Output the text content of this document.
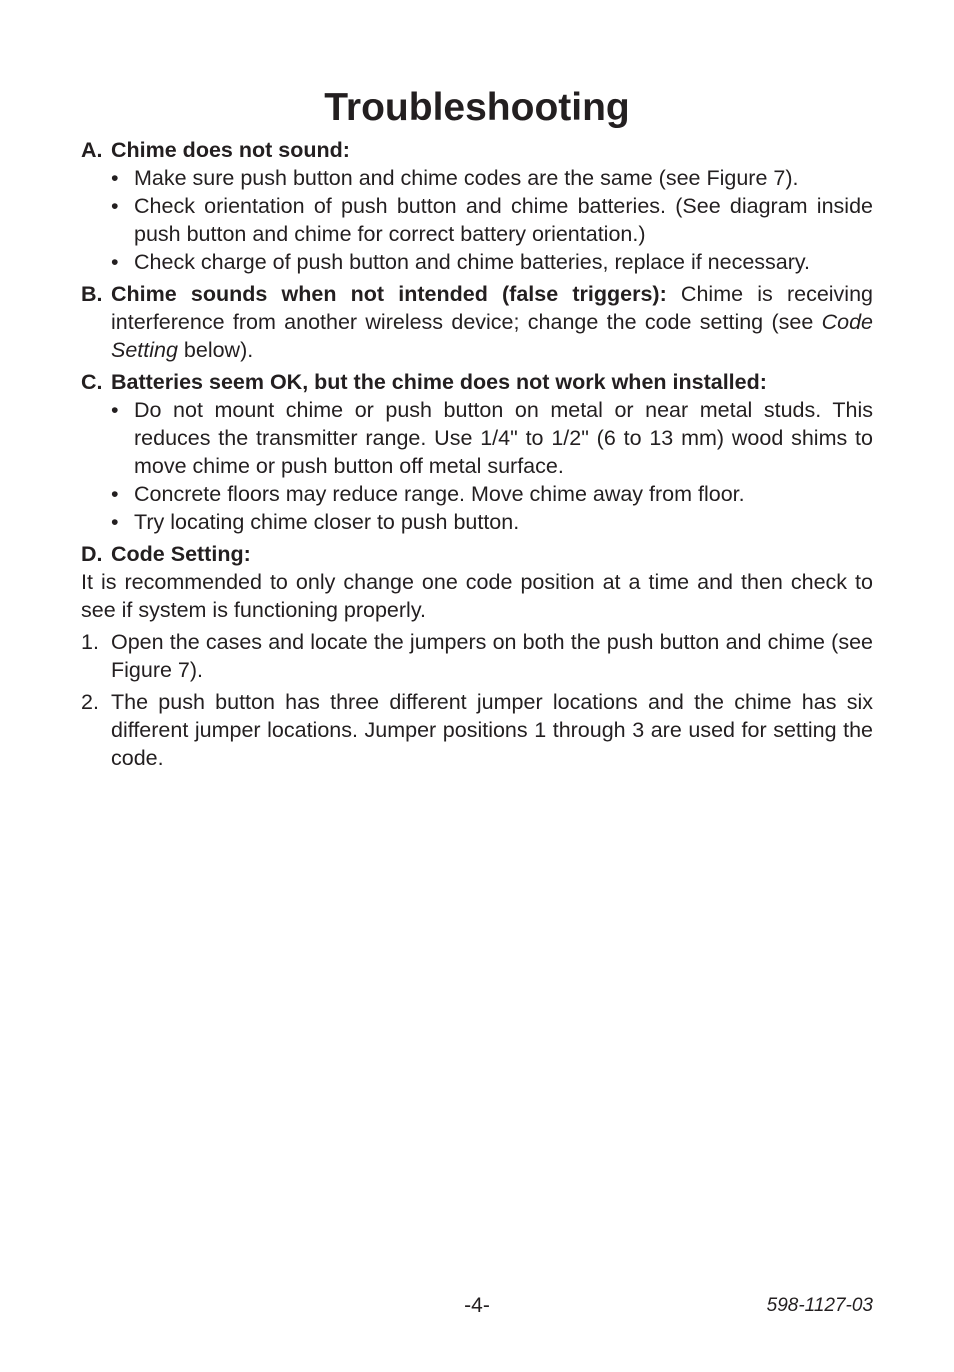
Troubleshooting
A. Chime does not sound:
• Make sure push button and chime codes are the same (see Figure 7).
• Check orientation of push button and chime batteries. (See diagram inside push button and chime for correct battery orientation.)
• Check charge of push button and chime batteries, replace if necessary.
B. Chime sounds when not intended (false triggers): Chime is receiving interference from another wireless device; change the code setting (see Code Setting below).
C. Batteries seem OK, but the chime does not work when installed:
• Do not mount chime or push button on metal or near metal studs. This reduces the transmitter range. Use 1/4" to 1/2" (6 to 13 mm) wood shims to move chime or push button off metal surface.
• Concrete floors may reduce range. Move chime away from floor.
• Try locating chime closer to push button.
D. Code Setting:
It is recommended to only change one code position at a time and then check to see if system is functioning properly.
1. Open the cases and locate the jumpers on both the push button and chime (see Figure 7).
2. The push button has three different jumper locations and the chime has six different jumper locations. Jumper positions 1 through 3 are used for setting the code.
-4-	598-1127-03
